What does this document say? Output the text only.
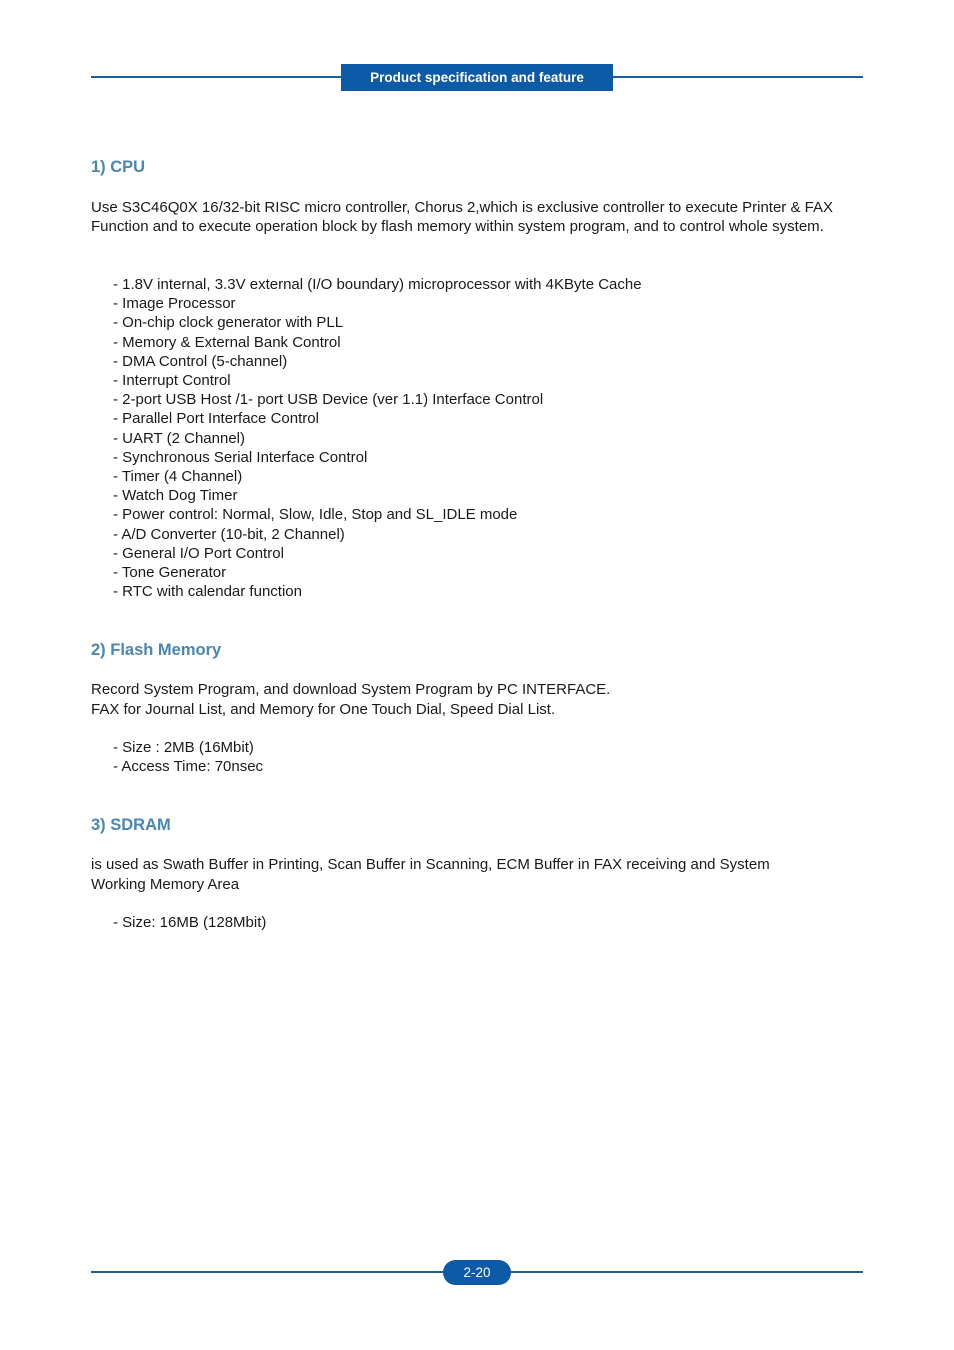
Product specification and feature
1) CPU

Use S3C46Q0X 16/32-bit RISC micro controller, Chorus 2,which is exclusive controller to execute Printer & FAX Function and to execute operation block by flash memory within system program, and to control whole system.

- 1.8V internal, 3.3V external (I/O boundary) microprocessor with 4KByte Cache
- Image Processor
- On-chip clock generator with PLL
- Memory & External Bank Control
- DMA Control (5-channel)
- Interrupt Control
- 2-port USB Host /1- port USB Device (ver 1.1) Interface Control
- Parallel Port Interface Control
- UART (2 Channel)
- Synchronous Serial Interface Control
- Timer (4 Channel)
- Watch Dog Timer
- Power control: Normal, Slow, Idle, Stop and SL_IDLE mode
- A/D Converter (10-bit, 2 Channel)
- General I/O Port Control
- Tone Generator
- RTC with calendar function
2) Flash Memory

Record System Program, and download System Program by PC INTERFACE.

FAX for Journal List, and Memory for One Touch Dial, Speed Dial List.

- Size : 2MB (16Mbit)
- Access Time: 70nsec
3) SDRAM

is used as Swath Buffer in Printing, Scan Buffer in Scanning, ECM Buffer in FAX receiving and System

Working Memory Area

- Size: 16MB (128Mbit)
2-20
